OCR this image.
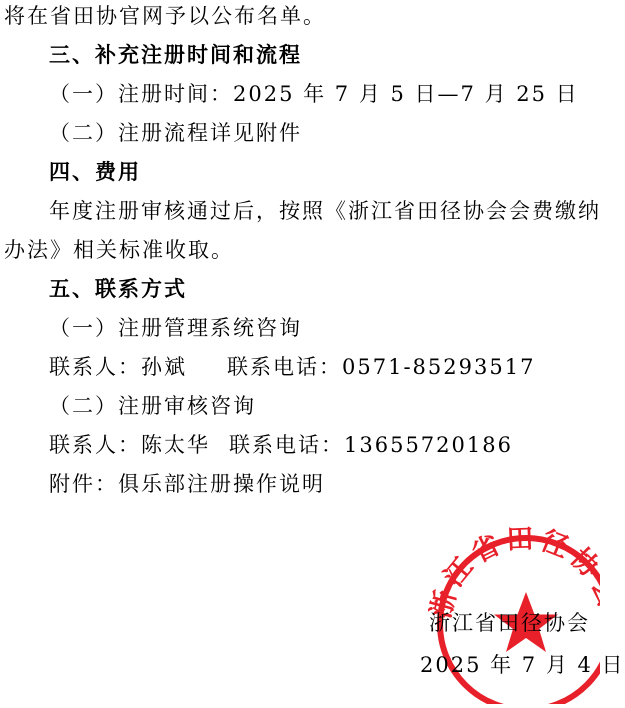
将在省田协官网予以公布名单。
三、补充注册时间和流程
（一）注册时间：2025 年 7 月 5 日—7 月 25 日
（二）注册流程详见附件
四、费用
年度注册审核通过后，按照《浙江省田径协会会费缴纳
办法》相关标准收取。
五、联系方式
（一）注册管理系统咨询
联系人：孙斌 联系电话：0571-85293517
（二）注册审核咨询
联系人：陈太华 联系电话：13655720186
附件：俱乐部注册操作说明
浙江省田径
浙江省田径协会
2025 年 7 月 4 日
